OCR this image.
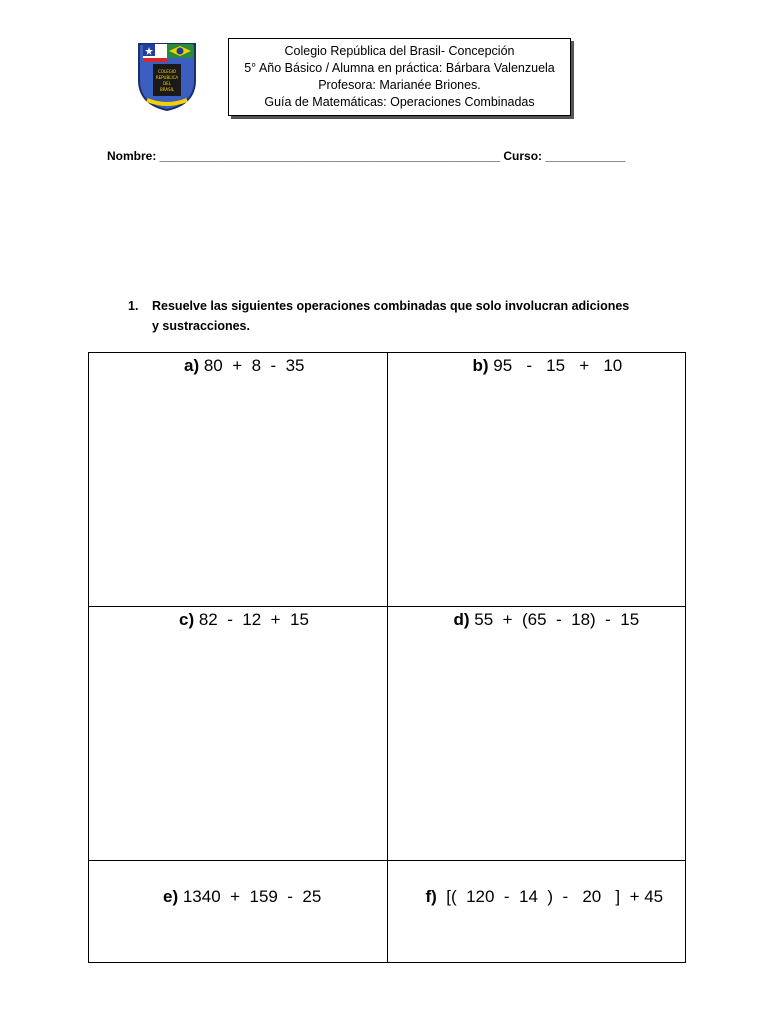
COLEGIO
REPUBLICA
DEL
BRASIL
Colegio República del Brasil- Concepción
5° Año Básico / Alumna en práctica: Bárbara Valenzuela
Profesora: Marianée Briones.
Guía de Matemáticas: Operaciones Combinadas
Nombre: ___________________________________________________ Curso: ____________
1. Resuelve las siguientes operaciones combinadas que solo involucran adiciones y sustracciones.
a) 80  +  8  -  35	b) 95   -   15   +   10

c) 82  -  12  +  15	d) 55  +  (65  -  18)  -  15

e) 1340  +  159  -  25	f)  [(  120  -  14  )  -   20   ]  + 45
